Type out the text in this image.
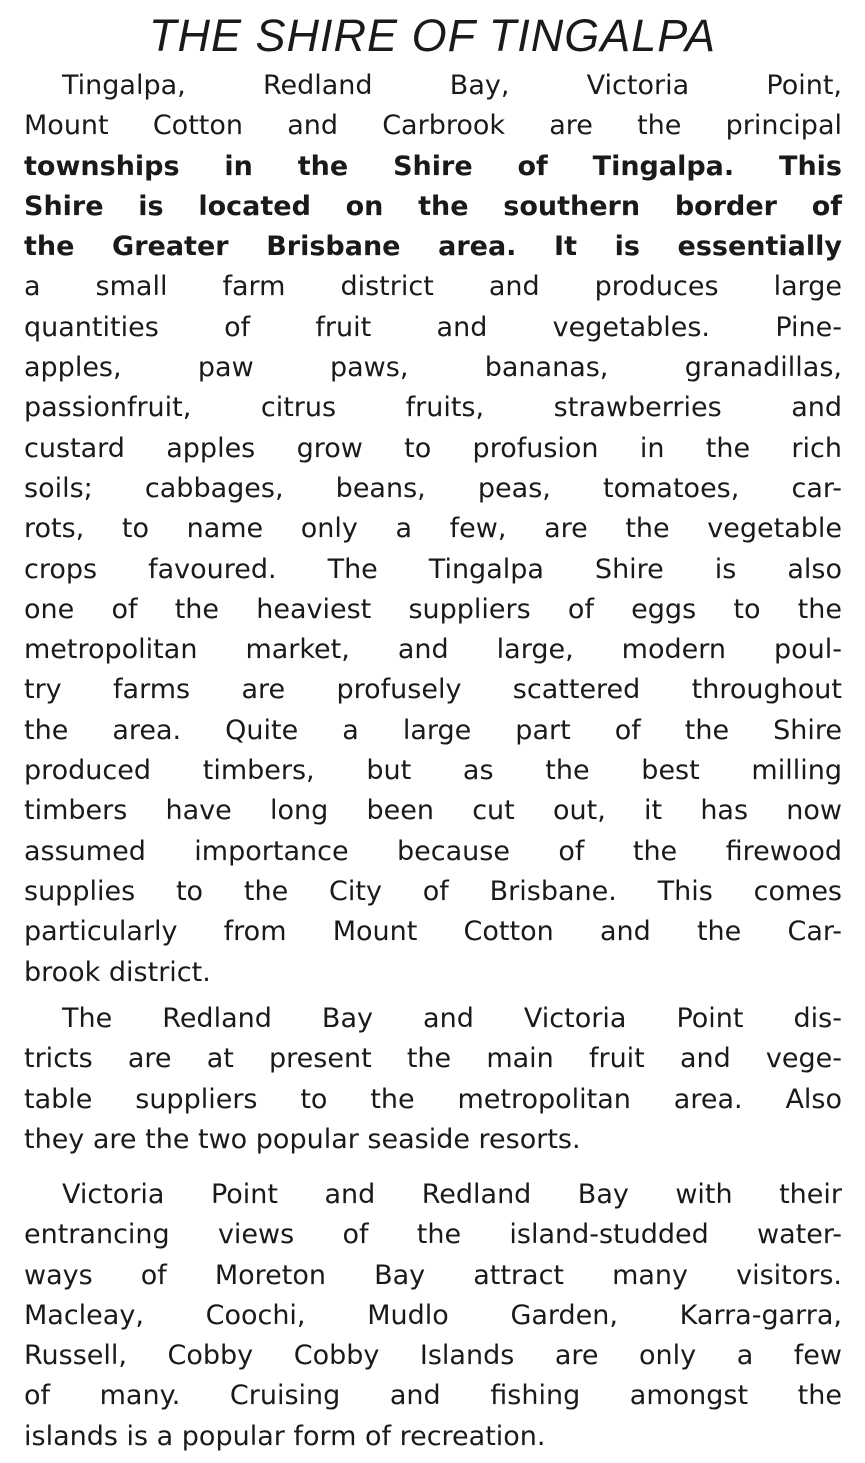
THE SHIRE OF TINGALPA
Tingalpa, Redland Bay, Victoria Point,
Mount Cotton and Carbrook are the principal
townships in the Shire of Tingalpa. This
Shire is located on the southern border of
the Greater Brisbane area. It is essentially
a small farm district and produces large
quantities of fruit and vegetables. Pine-
apples, paw paws, bananas, granadillas,
passionfruit, citrus fruits, strawberries and
custard apples grow to profusion in the rich
soils; cabbages, beans, peas, tomatoes, car-
rots, to name only a few, are the vegetable
crops favoured. The Tingalpa Shire is also
one of the heaviest suppliers of eggs to the
metropolitan market, and large, modern poul-
try farms are profusely scattered throughout
the area. Quite a large part of the Shire
produced timbers, but as the best milling
timbers have long been cut out, it has now
assumed importance because of the firewood
supplies to the City of Brisbane. This comes
particularly from Mount Cotton and the Car-
brook district.
The Redland Bay and Victoria Point dis-
tricts are at present the main fruit and vege-
table suppliers to the metropolitan area. Also
they are the two popular seaside resorts.
Victoria Point and Redland Bay with their
entrancing views of the island-studded water-
ways of Moreton Bay attract many visitors.
Macleay, Coochi, Mudlo Garden, Karra-garra,
Russell, Cobby Cobby Islands are only a few
of many. Cruising and fishing amongst the
islands is a popular form of recreation.
